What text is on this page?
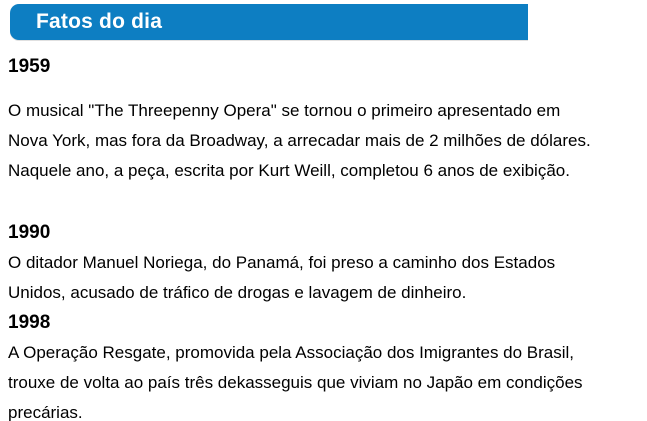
Fatos do dia
1959

O musical "The Threepenny Opera" se tornou o primeiro apresentado em
Nova York, mas fora da Broadway, a arrecadar mais de 2 milhões de dólares.
Naquele ano, a peça, escrita por Kurt Weill, completou 6 anos de exibição.

1990

O ditador Manuel Noriega, do Panamá, foi preso a caminho dos Estados
Unidos, acusado de tráfico de drogas e lavagem de dinheiro.

1998

A Operação Resgate, promovida pela Associação dos Imigrantes do Brasil,
trouxe de volta ao país três dekasseguis que viviam no Japão em condições
precárias.
